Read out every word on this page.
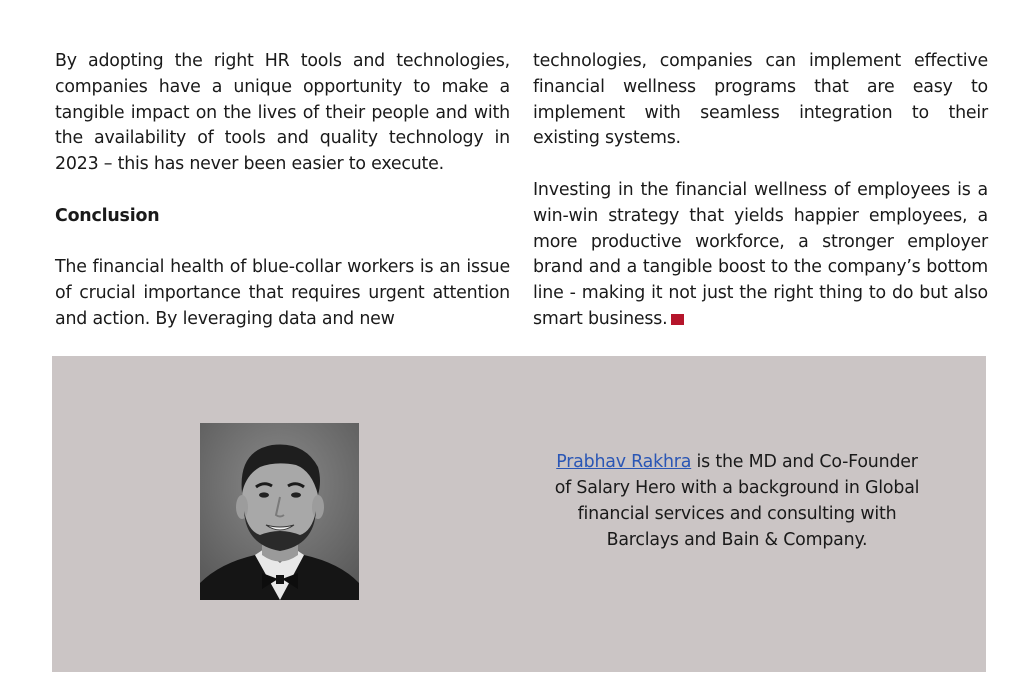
By adopting the right HR tools and technologies, companies have a unique opportunity to make a tangible impact on the lives of their people and with the availability of tools and quality technology in 2023 – this has never been easier to execute.

Conclusion

The financial health of blue-collar workers is an issue of crucial importance that requires urgent attention and action. By leveraging data and new

technologies, companies can implement effective financial wellness programs that are easy to implement with seamless integration to their existing systems.

Investing in the financial wellness of employees is a win-win strategy that yields happier employees, a more productive workforce, a stronger employer brand and a tangible boost to the company’s bottom line - making it not just the right thing to do but also smart business.

Prabhav Rakhra is the MD and Co-Founder of Salary Hero with a background in Global financial services and consulting with Barclays and Bain & Company.
